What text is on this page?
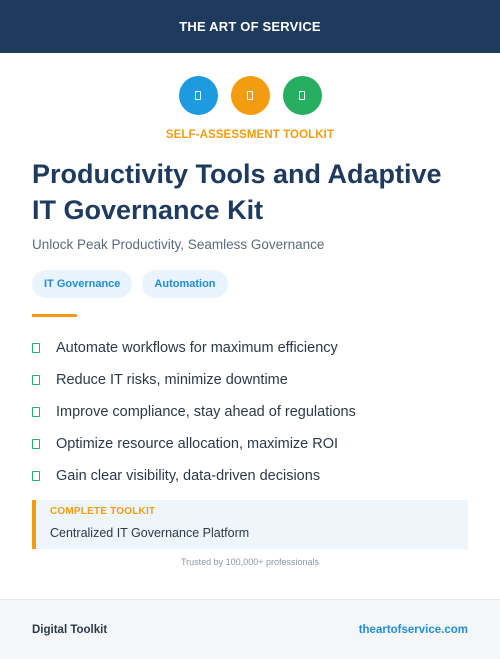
THE ART OF SERVICE
SELF-ASSESSMENT TOOLKIT
Productivity Tools and Adaptive
IT Governance Kit
Unlock Peak Productivity, Seamless Governance
IT Governance	Automation
Automate workflows for maximum efficiency
Reduce IT risks, minimize downtime
Improve compliance, stay ahead of regulations
Optimize resource allocation, maximize ROI
Gain clear visibility, data-driven decisions
COMPLETE TOOLKIT
Centralized IT Governance Platform
Trusted by 100,000+ professionals
Digital Toolkit	theartofservice.com
